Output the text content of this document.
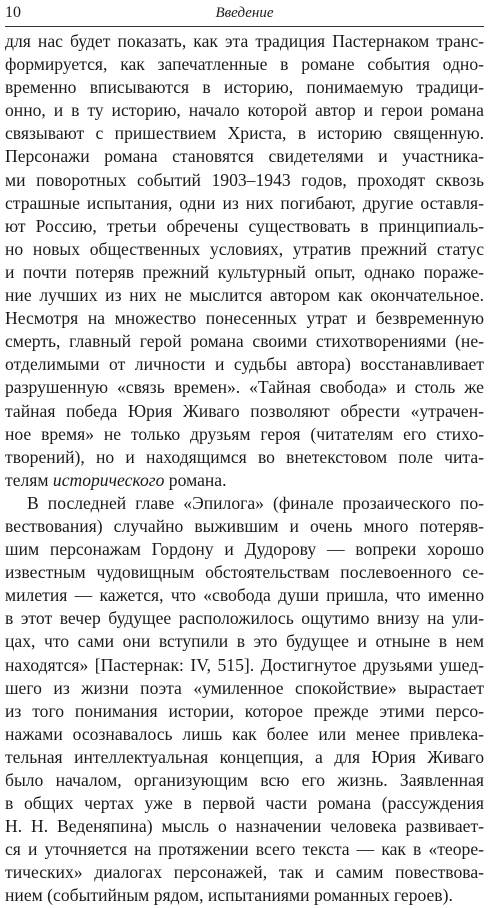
10	Введение
для нас будет показать, как эта традиция Пастернаком транс-
формируется, как запечатленные в романе события одно-
временно вписываются в историю, понимаемую традици-
онно, и в ту историю, начало которой автор и герои романа
связывают с пришествием Христа, в историю священную.
Персонажи романа становятся свидетелями и участника-
ми поворотных событий 1903–1943 годов, проходят сквозь
страшные испытания, одни из них погибают, другие оставля-
ют Россию, третьи обречены существовать в принципиаль-
но новых общественных условиях, утратив прежний статус
и почти потеряв прежний культурный опыт, однако пораже-
ние лучших из них не мыслится автором как окончательное.
Несмотря на множество понесенных утрат и безвременную
смерть, главный герой романа своими стихотворениями (не-
отделимыми от личности и судьбы автора) восстанавливает
разрушенную «связь времен». «Тайная свобода» и столь же
тайная победа Юрия Живаго позволяют обрести «утрачен-
ное время» не только друзьям героя (читателям его стихо-
творений), но и находящимся во внетекстовом поле чита-
телям исторического романа.
В последней главе «Эпилога» (финале прозаического по-
вествования) случайно выжившим и очень много потеряв-
шим персонажам Гордону и Дудорову — вопреки хорошо
известным чудовищным обстоятельствам послевоенного се-
милетия — кажется, что «свобода души пришла, что именно
в этот вечер будущее расположилось ощутимо внизу на ули-
цах, что сами они вступили в это будущее и отныне в нем
находятся» [Пастернак: IV, 515]. Достигнутое друзьями ушед-
шего из жизни поэта «умиленное спокойствие» вырастает
из того понимания истории, которое прежде этими персо-
нажами осознавалось лишь как более или менее привлека-
тельная интеллектуальная концепция, а для Юрия Живаго
было началом, организующим всю его жизнь. Заявленная
в общих чертах уже в первой части романа (рассуждения
Н. Н. Веденяпина) мысль о назначении человека развивает-
ся и уточняется на протяжении всего текста — как в «теоре-
тических» диалогах персонажей, так и самим повествова-
нием (событийным рядом, испытаниями романных героев).
